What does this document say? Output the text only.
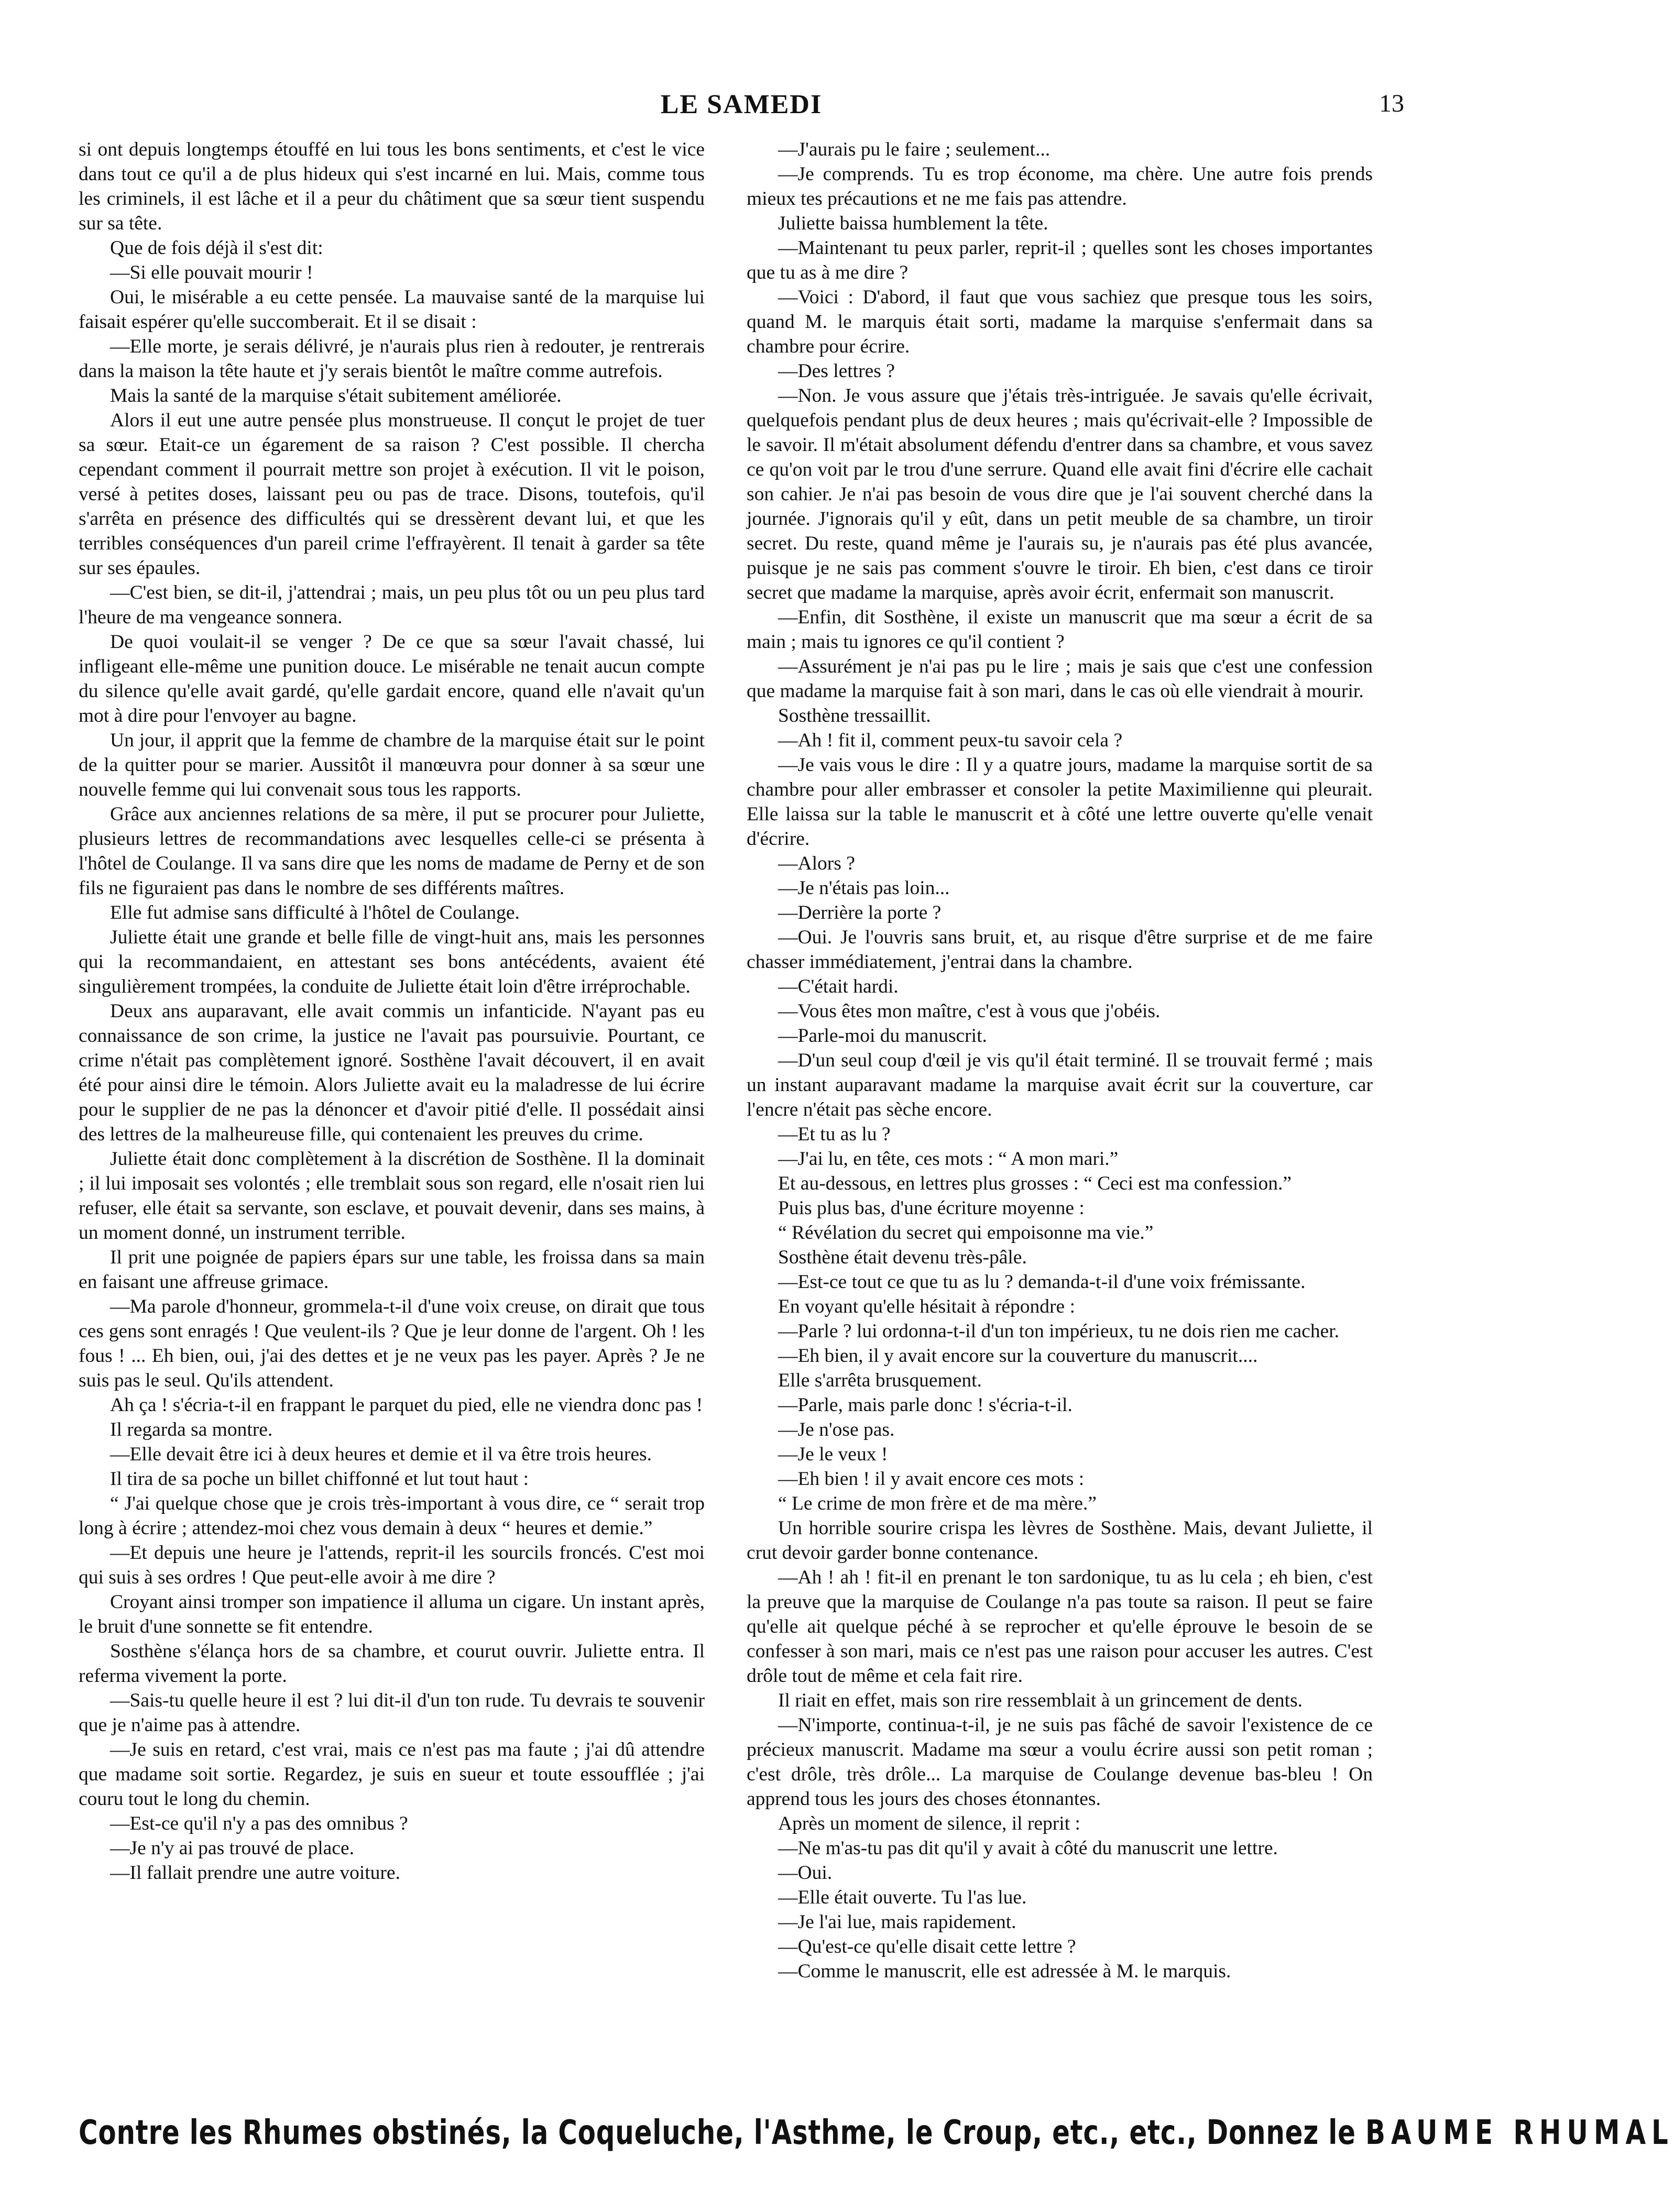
LE SAMEDI	13

si ont depuis longtemps étouffé en lui tous les bons sentiments, et c'est le vice dans tout ce qu'il a de plus hideux qui s'est incarné en lui. Mais, comme tous les criminels, il est lâche et il a peur du châtiment que sa sœur tient suspendu sur sa tête.

Que de fois déjà il s'est dit:

—Si elle pouvait mourir !

Oui, le misérable a eu cette pensée. La mauvaise santé de la marquise lui faisait espérer qu'elle succomberait. Et il se disait :

—Elle morte, je serais délivré, je n'aurais plus rien à redouter, je rentrerais dans la maison la tête haute et j'y serais bientôt le maître comme autrefois.

Mais la santé de la marquise s'était subitement améliorée.

Alors il eut une autre pensée plus monstrueuse. Il conçut le projet de tuer sa sœur. Etait-ce un égarement de sa raison ? C'est possible. Il chercha cependant comment il pourrait mettre son projet à exécution. Il vit le poison, versé à petites doses, laissant peu ou pas de trace. Disons, toutefois, qu'il s'arrêta en présence des difficultés qui se dressèrent devant lui, et que les terribles conséquences d'un pareil crime l'effrayèrent. Il tenait à garder sa tête sur ses épaules.

—C'est bien, se dit-il, j'attendrai ; mais, un peu plus tôt ou un peu plus tard l'heure de ma vengeance sonnera.

De quoi voulait-il se venger ? De ce que sa sœur l'avait chassé, lui infligeant elle-même une punition douce. Le misérable ne tenait aucun compte du silence qu'elle avait gardé, qu'elle gardait encore, quand elle n'avait qu'un mot à dire pour l'envoyer au bagne.

Un jour, il apprit que la femme de chambre de la marquise était sur le point de la quitter pour se marier. Aussitôt il manœuvra pour donner à sa sœur une nouvelle femme qui lui convenait sous tous les rapports.

Grâce aux anciennes relations de sa mère, il put se procurer pour Juliette, plusieurs lettres de recommandations avec lesquelles celle-ci se présenta à l'hôtel de Coulange. Il va sans dire que les noms de madame de Perny et de son fils ne figuraient pas dans le nombre de ses différents maîtres.

Elle fut admise sans difficulté à l'hôtel de Coulange.

Juliette était une grande et belle fille de vingt-huit ans, mais les personnes qui la recommandaient, en attestant ses bons antécédents, avaient été singulièrement trompées, la conduite de Juliette était loin d'être irréprochable.

Deux ans auparavant, elle avait commis un infanticide. N'ayant pas eu connaissance de son crime, la justice ne l'avait pas poursuivie. Pourtant, ce crime n'était pas complètement ignoré. Sosthène l'avait découvert, il en avait été pour ainsi dire le témoin. Alors Juliette avait eu la maladresse de lui écrire pour le supplier de ne pas la dénoncer et d'avoir pitié d'elle. Il possédait ainsi des lettres de la malheureuse fille, qui contenaient les preuves du crime.

Juliette était donc complètement à la discrétion de Sosthène. Il la dominait ; il lui imposait ses volontés ; elle tremblait sous son regard, elle n'osait rien lui refuser, elle était sa servante, son esclave, et pouvait devenir, dans ses mains, à un moment donné, un instrument terrible.

Il prit une poignée de papiers épars sur une table, les froissa dans sa main en faisant une affreuse grimace.

—Ma parole d'honneur, grommela-t-il d'une voix creuse, on dirait que tous ces gens sont enragés ! Que veulent-ils ? Que je leur donne de l'argent. Oh ! les fous ! ... Eh bien, oui, j'ai des dettes et je ne veux pas les payer. Après ? Je ne suis pas le seul. Qu'ils attendent.

Ah ça ! s'écria-t-il en frappant le parquet du pied, elle ne viendra donc pas !

Il regarda sa montre.

—Elle devait être ici à deux heures et demie et il va être trois heures.

Il tira de sa poche un billet chiffonné et lut tout haut :

“ J'ai quelque chose que je crois très-important à vous dire, ce “ serait trop long à écrire ; attendez-moi chez vous demain à deux “ heures et demie.”

—Et depuis une heure je l'attends, reprit-il les sourcils froncés. C'est moi qui suis à ses ordres ! Que peut-elle avoir à me dire ?

Croyant ainsi tromper son impatience il alluma un cigare. Un instant après, le bruit d'une sonnette se fit entendre.

Sosthène s'élança hors de sa chambre, et courut ouvrir. Juliette entra. Il referma vivement la porte.

—Sais-tu quelle heure il est ? lui dit-il d'un ton rude. Tu devrais te souvenir que je n'aime pas à attendre.

—Je suis en retard, c'est vrai, mais ce n'est pas ma faute ; j'ai dû attendre que madame soit sortie. Regardez, je suis en sueur et toute essoufflée ; j'ai couru tout le long du chemin.

—Est-ce qu'il n'y a pas des omnibus ?

—Je n'y ai pas trouvé de place.

—Il fallait prendre une autre voiture.

—J'aurais pu le faire ; seulement...

—Je comprends. Tu es trop économe, ma chère. Une autre fois prends mieux tes précautions et ne me fais pas attendre.

Juliette baissa humblement la tête.

—Maintenant tu peux parler, reprit-il ; quelles sont les choses importantes que tu as à me dire ?

—Voici : D'abord, il faut que vous sachiez que presque tous les soirs, quand M. le marquis était sorti, madame la marquise s'enfermait dans sa chambre pour écrire.

—Des lettres ?

—Non. Je vous assure que j'étais très-intriguée. Je savais qu'elle écrivait, quelquefois pendant plus de deux heures ; mais qu'écrivait-elle ? Impossible de le savoir. Il m'était absolument défendu d'entrer dans sa chambre, et vous savez ce qu'on voit par le trou d'une serrure. Quand elle avait fini d'écrire elle cachait son cahier. Je n'ai pas besoin de vous dire que je l'ai souvent cherché dans la journée. J'ignorais qu'il y eût, dans un petit meuble de sa chambre, un tiroir secret. Du reste, quand même je l'aurais su, je n'aurais pas été plus avancée, puisque je ne sais pas comment s'ouvre le tiroir. Eh bien, c'est dans ce tiroir secret que madame la marquise, après avoir écrit, enfermait son manuscrit.

—Enfin, dit Sosthène, il existe un manuscrit que ma sœur a écrit de sa main ; mais tu ignores ce qu'il contient ?

—Assurément je n'ai pas pu le lire ; mais je sais que c'est une confession que madame la marquise fait à son mari, dans le cas où elle viendrait à mourir.

Sosthène tressaillit.

—Ah ! fit il, comment peux-tu savoir cela ?

—Je vais vous le dire : Il y a quatre jours, madame la marquise sortit de sa chambre pour aller embrasser et consoler la petite Maximilienne qui pleurait. Elle laissa sur la table le manuscrit et à côté une lettre ouverte qu'elle venait d'écrire.

—Alors ?

—Je n'étais pas loin...

—Derrière la porte ?

—Oui. Je l'ouvris sans bruit, et, au risque d'être surprise et de me faire chasser immédiatement, j'entrai dans la chambre.

—C'était hardi.

—Vous êtes mon maître, c'est à vous que j'obéis.

—Parle-moi du manuscrit.

—D'un seul coup d'œil je vis qu'il était terminé. Il se trouvait fermé ; mais un instant auparavant madame la marquise avait écrit sur la couverture, car l'encre n'était pas sèche encore.

—Et tu as lu ?

—J'ai lu, en tête, ces mots : “ A mon mari.”

Et au-dessous, en lettres plus grosses : “ Ceci est ma confession.”

Puis plus bas, d'une écriture moyenne :

“ Révélation du secret qui empoisonne ma vie.”

Sosthène était devenu très-pâle.

—Est-ce tout ce que tu as lu ? demanda-t-il d'une voix frémissante.

En voyant qu'elle hésitait à répondre :

—Parle ? lui ordonna-t-il d'un ton impérieux, tu ne dois rien me cacher.

—Eh bien, il y avait encore sur la couverture du manuscrit....

Elle s'arrêta brusquement.

—Parle, mais parle donc ! s'écria-t-il.

—Je n'ose pas.

—Je le veux !

—Eh bien ! il y avait encore ces mots :

“ Le crime de mon frère et de ma mère.”

Un horrible sourire crispa les lèvres de Sosthène. Mais, devant Juliette, il crut devoir garder bonne contenance.

—Ah ! ah ! fit-il en prenant le ton sardonique, tu as lu cela ; eh bien, c'est la preuve que la marquise de Coulange n'a pas toute sa raison. Il peut se faire qu'elle ait quelque péché à se reprocher et qu'elle éprouve le besoin de se confesser à son mari, mais ce n'est pas une raison pour accuser les autres. C'est drôle tout de même et cela fait rire.

Il riait en effet, mais son rire ressemblait à un grincement de dents.

—N'importe, continua-t-il, je ne suis pas fâché de savoir l'existence de ce précieux manuscrit. Madame ma sœur a voulu écrire aussi son petit roman ; c'est drôle, très drôle... La marquise de Coulange devenue bas-bleu ! On apprend tous les jours des choses étonnantes.

Après un moment de silence, il reprit :

—Ne m'as-tu pas dit qu'il y avait à côté du manuscrit une lettre.

—Oui.

—Elle était ouverte. Tu l'as lue.

—Je l'ai lue, mais rapidement.

—Qu'est-ce qu'elle disait cette lettre ?

—Comme le manuscrit, elle est adressée à M. le marquis.

Contre les Rhumes obstinés, la Coqueluche, l'Asthme, le Croup, etc., etc., Donnez le BAUME RHUMAL
